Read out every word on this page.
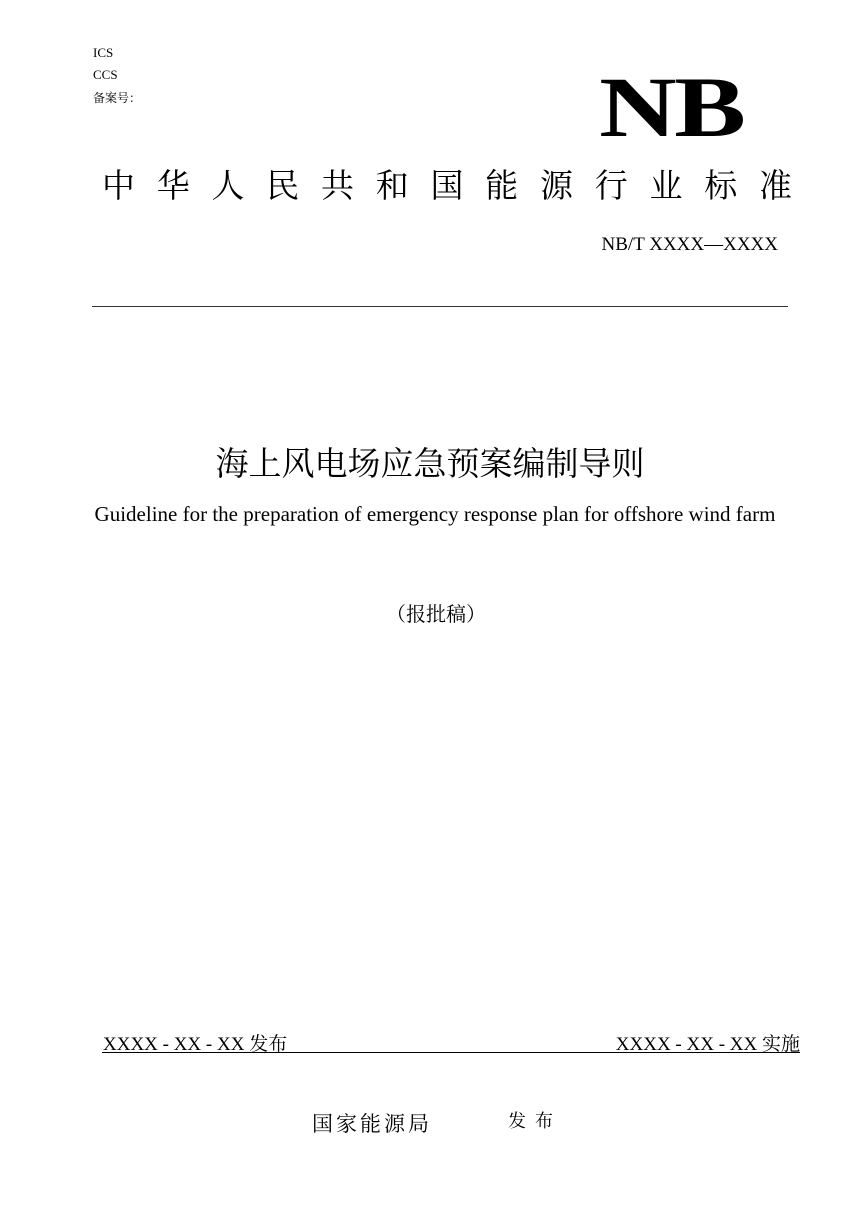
ICS
CCS
备案号：	NB
中华人民共和国能源行业标准
NB/T XXXX—XXXX
海上风电场应急预案编制导则
Guideline for the preparation of emergency response plan for offshore wind farm
（报批稿）
XXXX - XX - XX 发布	XXXX - XX - XX 实施
国家能源局	发布
